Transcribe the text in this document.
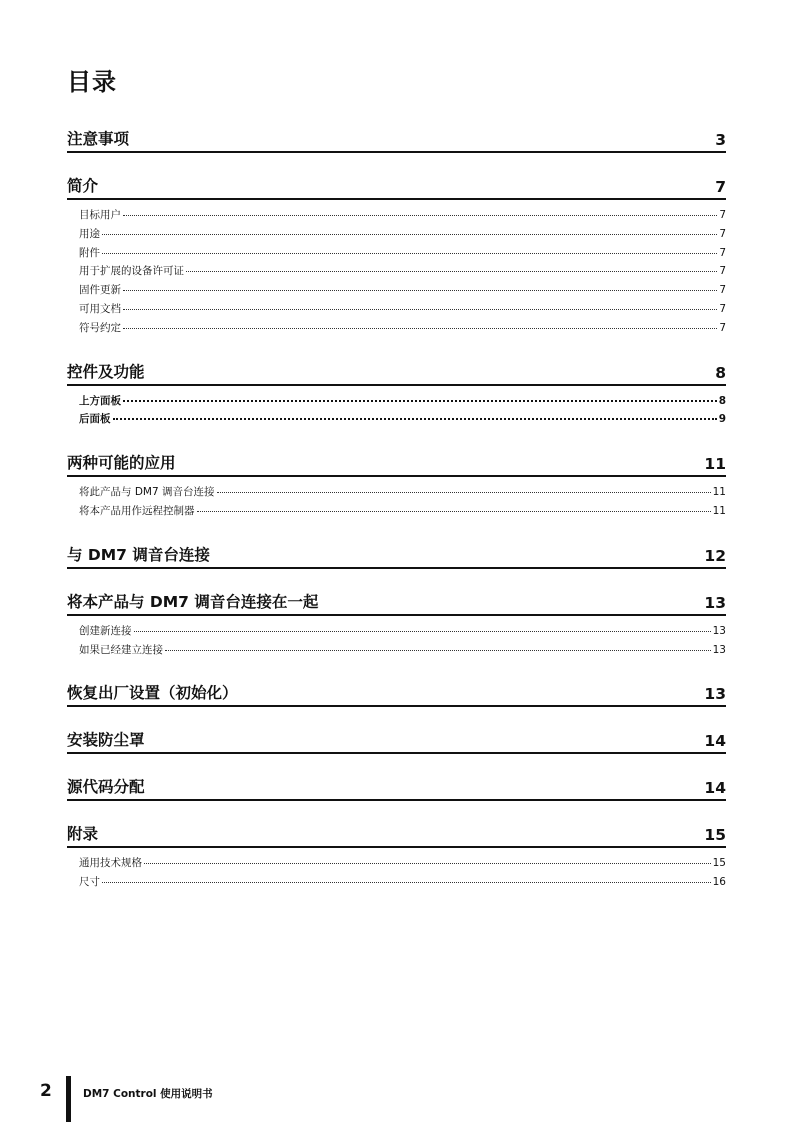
目录
注意事项	3
简介	7
目标用户	7
用途	7
附件	7
用于扩展的设备许可证	7
固件更新	7
可用文档	7
符号约定	7
控件及功能	8
上方面板	8
后面板	9
两种可能的应用	11
将此产品与 DM7 调音台连接	11
将本产品用作远程控制器	11
与 DM7 调音台连接	12
将本产品与 DM7 调音台连接在一起	13
创建新连接	13
如果已经建立连接	13
恢复出厂设置（初始化）	13
安装防尘罩	14
源代码分配	14
附录	15
通用技术规格	15
尺寸	16
2	DM7 Control 使用说明书
